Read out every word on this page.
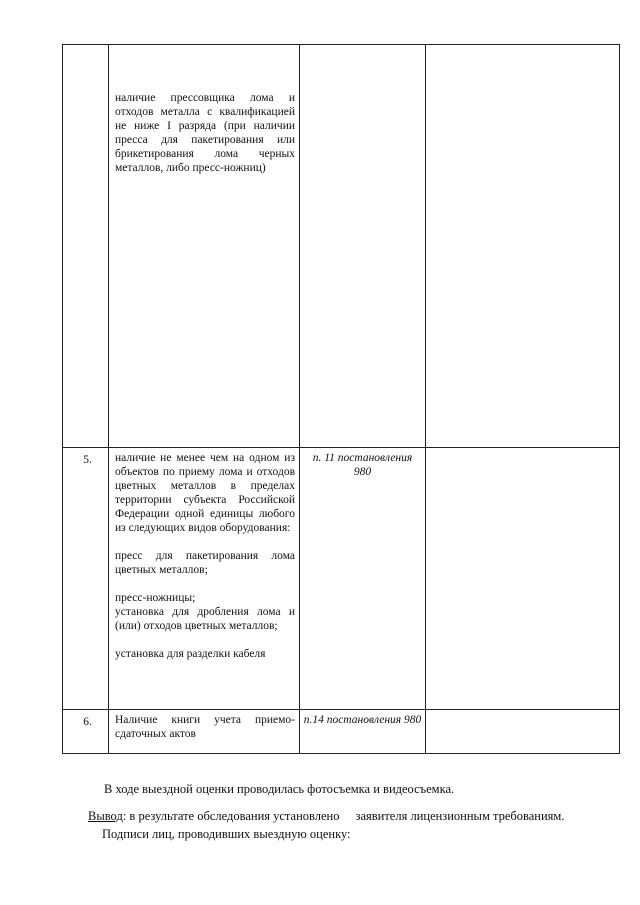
	наличие прессовщика лома и отходов металла с квалификацией не ниже I разряда (при наличии пресса для пакетирования или брикетирования лома черных металлов, либо пресс-ножниц)		

5.	наличие не менее чем на одном из объектов по приему лома и отходов цветных металлов в пределах территории субъекта Российской Федерации одной единицы любого из следующих видов оборудования:

пресс для пакетирования лома цветных металлов;

пресс-ножницы;

установка для дробления лома и (или) отходов цветных металлов;

установка для разделки кабеля	п. 11 постановления 980	

6.	Наличие книги учета приемо-сдаточных актов	п.14 постановления 980	

В ходе выездной оценки проводилась фотосъемка и видеосъемка.
Вывод: в результате обследования установлено заявителя лицензионным требованиям.
Подписи лиц, проводивших выездную оценку:
